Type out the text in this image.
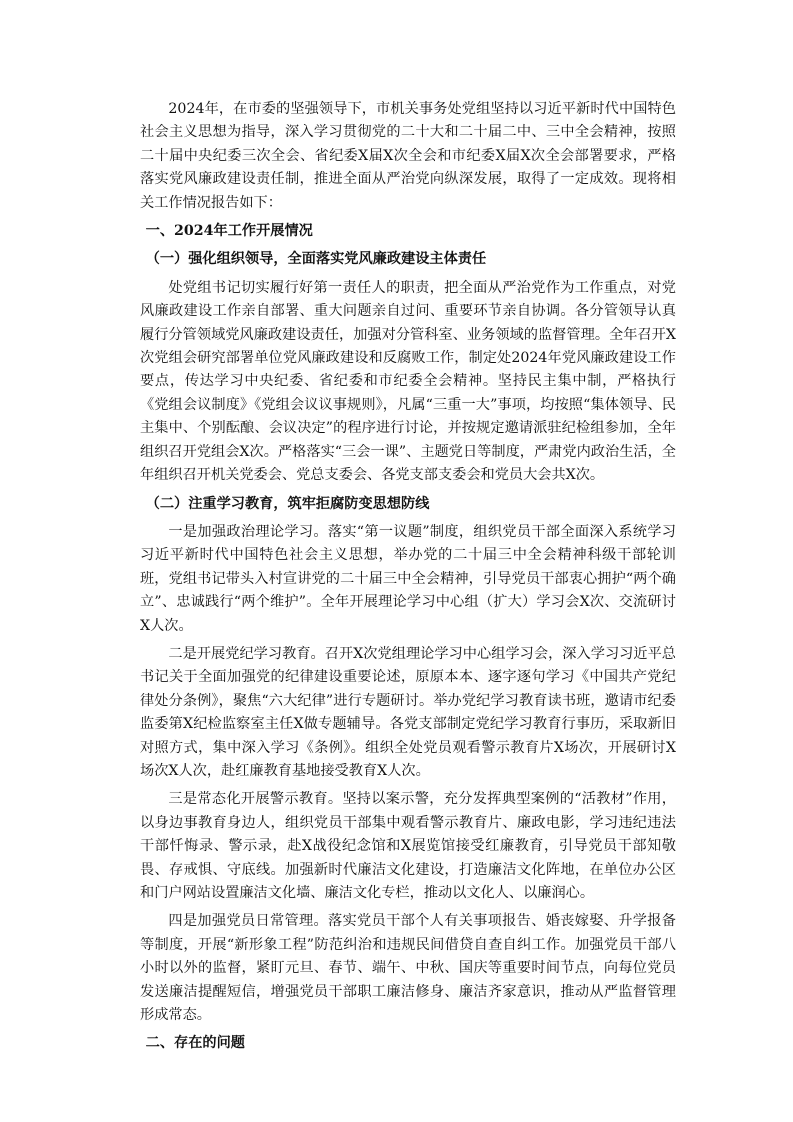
2024年，在市委的坚强领导下，市机关事务处党组坚持以习近平新时代中国特色社会主义思想为指导，深入学习贯彻党的二十大和二十届二中、三中全会精神，按照二十届中央纪委三次全会、省纪委X届X次全会和市纪委X届X次全会部署要求，严格落实党风廉政建设责任制，推进全面从严治党向纵深发展，取得了一定成效。现将相关工作情况报告如下：

一、2024年工作开展情况
（一）强化组织领导，全面落实党风廉政建设主体责任

处党组书记切实履行好第一责任人的职责，把全面从严治党作为工作重点，对党风廉政建设工作亲自部署、重大问题亲自过问、重要环节亲自协调。各分管领导认真履行分管领域党风廉政建设责任，加强对分管科室、业务领域的监督管理。全年召开X次党组会研究部署单位党风廉政建设和反腐败工作，制定处2024年党风廉政建设工作要点，传达学习中央纪委、省纪委和市纪委全会精神。坚持民主集中制，严格执行《党组会议制度》《党组会议议事规则》，凡属“三重一大”事项，均按照“集体领导、民主集中、个别酝酿、会议决定”的程序进行讨论，并按规定邀请派驻纪检组参加，全年组织召开党组会X次。严格落实“三会一课”、主题党日等制度，严肃党内政治生活，全年组织召开机关党委会、党总支委会、各党支部支委会和党员大会共X次。

（二）注重学习教育，筑牢拒腐防变思想防线

一是加强政治理论学习。落实“第一议题”制度，组织党员干部全面深入系统学习习近平新时代中国特色社会主义思想，举办党的二十届三中全会精神科级干部轮训班，党组书记带头入村宣讲党的二十届三中全会精神，引导党员干部衷心拥护“两个确立”、忠诚践行“两个维护”。全年开展理论学习中心组（扩大）学习会X次、交流研讨X人次。

二是开展党纪学习教育。召开X次党组理论学习中心组学习会，深入学习习近平总书记关于全面加强党的纪律建设重要论述，原原本本、逐字逐句学习《中国共产党纪律处分条例》，聚焦“六大纪律”进行专题研讨。举办党纪学习教育读书班，邀请市纪委监委第X纪检监察室主任X做专题辅导。各党支部制定党纪学习教育行事历，采取新旧对照方式，集中深入学习《条例》。组织全处党员观看警示教育片X场次，开展研讨X场次X人次，赴红廉教育基地接受教育X人次。

三是常态化开展警示教育。坚持以案示警，充分发挥典型案例的“活教材”作用，以身边事教育身边人，组织党员干部集中观看警示教育片、廉政电影，学习违纪违法干部忏悔录、警示录，赴X战役纪念馆和X展览馆接受红廉教育，引导党员干部知敬畏、存戒惧、守底线。加强新时代廉洁文化建设，打造廉洁文化阵地，在单位办公区和门户网站设置廉洁文化墙、廉洁文化专栏，推动以文化人、以廉润心。

四是加强党员日常管理。落实党员干部个人有关事项报告、婚丧嫁娶、升学报备等制度，开展“新形象工程”防范纠治和违规民间借贷自查自纠工作。加强党员干部八小时以外的监督，紧盯元旦、春节、端午、中秋、国庆等重要时间节点，向每位党员发送廉洁提醒短信，增强党员干部职工廉洁修身、廉洁齐家意识，推动从严监督管理形成常态。

二、存在的问题
